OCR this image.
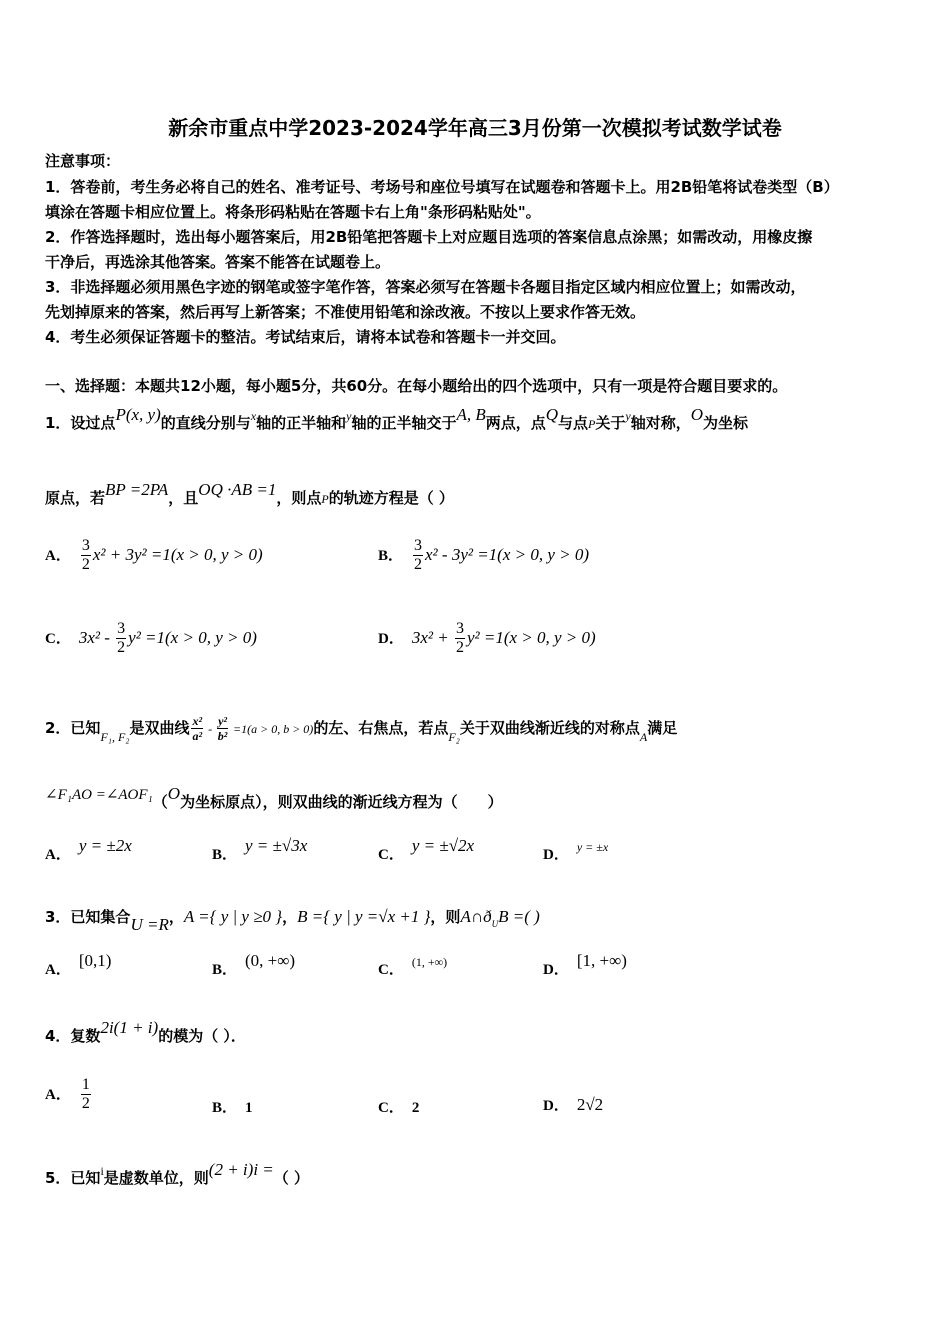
新余市重点中学2023-2024学年高三3月份第一次模拟考试数学试卷
注意事项：
1．答卷前，考生务必将自己的姓名、准考证号、考场号和座位号填写在试题卷和答题卡上。用2B铅笔将试卷类型（B）
填涂在答题卡相应位置上。将条形码粘贴在答题卡右上角"条形码粘贴处"。
2．作答选择题时，选出每小题答案后，用2B铅笔把答题卡上对应题目选项的答案信息点涂黑；如需改动，用橡皮擦
干净后，再选涂其他答案。答案不能答在试题卷上。
3．非选择题必须用黑色字迹的钢笔或签字笔作答，答案必须写在答题卡各题目指定区域内相应位置上；如需改动，
先划掉原来的答案，然后再写上新答案；不准使用铅笔和涂改液。不按以上要求作答无效。
4．考生必须保证答题卡的整洁。考试结束后，请将本试卷和答题卡一并交回。
一、选择题：本题共12小题，每小题5分，共60分。在每小题给出的四个选项中，只有一项是符合题目要求的。
1．设过点P(x, y)的直线分别与$^x$轴的正半轴和$^y$轴的正半轴交于A, B两点，点Q与点P关于$^y$轴对称，O为坐标
原点，若BP =2PA，且OQ ·AB =1，则点P的轨迹方程是（ ）
A． $\frac{3}{2} x^2 + 3y^2 =1(x > 0$, y > 0)	B． $\frac{3}{2} x^2 - 3y^2 =1(x > 0$, y > 0)
C． $3x^2 - \frac{3}{2} y^2 =1(x > 0$, y > 0)	D． $3x^2 + \frac{3}{2} y^2 =1(x > 0$, y > 0)
2．已知$_{F_1, F_2}$是双曲线 $\frac{\text{x²}}{\text{a²}} - \frac{\text{y²}}{\text{b²}} =1(a > 0$, b > 0)的左、右焦点，若点$_{F_2}$关于双曲线渐近线的对称点$_A$满足
∠F₁AO =∠AOF₁（O为坐标原点），则双曲线的渐近线方程为（　　）
A． y = ±2x	B． y = ±√3x	C． y = ±√2x	D． $^{y = \pm x}$
3．已知集合U =R，A ={ y | y ≥0 }，B ={ y | y =√x +1 }，则$A\cap ð_UB$ =( )
A． [0,1)	B． (0, +∞)	C． $^{(1, +\infty)}$	D． [1, +∞)
4．复数2i(1 + i)的模为（ ）．
A． $\frac{1}{2}$	B． 1	C． 2	D． 2√2
5．已知$^i$是虚数单位，则(2 + i)i =（ ）
